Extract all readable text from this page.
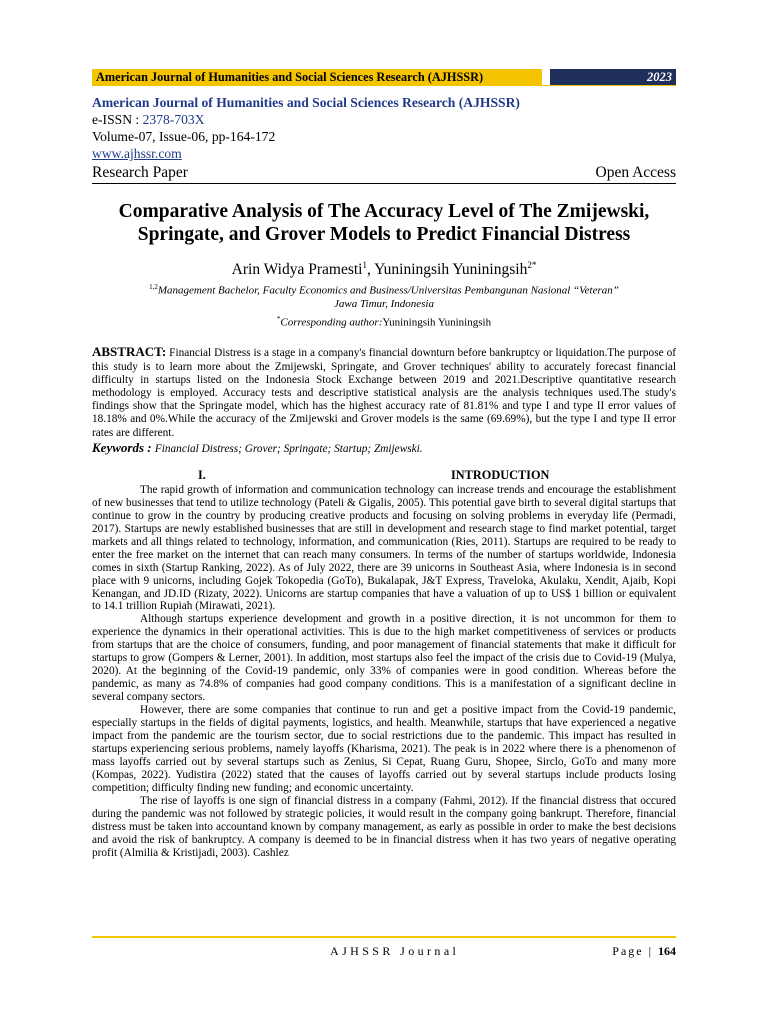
American Journal of Humanities and Social Sciences Research (AJHSSR)	2023
American Journal of Humanities and Social Sciences Research (AJHSSR)
e-ISSN : 2378-703X
Volume-07, Issue-06, pp-164-172
www.ajhssr.com
Research Paper	Open Access
Comparative Analysis of The Accuracy Level of The Zmijewski,
Springate, and Grover Models to Predict Financial Distress
Arin Widya Pramesti$^1$, Yuniningsih Yuniningsih$^{2*}$
$^{1,2}$Management Bachelor, Faculty Economics and Business/Universitas Pembangunan Nasional “Veteran”
Jawa Timur, Indonesia
*Corresponding author:Yuniningsih Yuniningsih
ABSTRACT: Financial Distress is a stage in a company's financial downturn before bankruptcy or liquidation.The purpose of this study is to learn more about the Zmijewski, Springate, and Grover techniques' ability to accurately forecast financial difficulty in startups listed on the Indonesia Stock Exchange between 2019 and 2021.Descriptive quantitative research methodology is employed. Accuracy tests and descriptive statistical analysis are the analysis techniques used.The study's findings show that the Springate model, which has the highest accuracy rate of 81.81% and type I and type II error values of 18.18% and 0%.While the accuracy of the Zmijewski and Grover models is the same (69.69%), but the type I and type II error rates are different.
Keywords : Financial Distress; Grover; Springate; Startup; Zmijewski.
I.	INTRODUCTION

The rapid growth of information and communication technology can increase trends and encourage the establishment of new businesses that tend to utilize technology (Pateli & Gigalis, 2005). This potential gave birth to several digital startups that continue to grow in the country by producing creative products and focusing on solving problems in everyday life (Permadi, 2017). Startups are newly established businesses that are still in development and research stage to find market potential, target markets and all things related to technology, information, and communication (Ries, 2011). Startups are required to be ready to enter the free market on the internet that can reach many consumers. In terms of the number of startups worldwide, Indonesia comes in sixth (Startup Ranking, 2022). As of July 2022, there are 39 unicorns in Southeast Asia, where Indonesia is in second place with 9 unicorns, including Gojek Tokopedia (GoTo), Bukalapak, J&T Express, Traveloka, Akulaku, Xendit, Ajaib, Kopi Kenangan, and JD.ID (Rizaty, 2022). Unicorns are startup companies that have a valuation of up to US$ 1 billion or equivalent to 14.1 trillion Rupiah (Mirawati, 2021).

Although startups experience development and growth in a positive direction, it is not uncommon for them to experience the dynamics in their operational activities. This is due to the high market competitiveness of services or products from startups that are the choice of consumers, funding, and poor management of financial statements that make it difficult for startups to grow (Gompers & Lerner, 2001). In addition, most startups also feel the impact of the crisis due to Covid-19 (Mulya, 2020). At the beginning of the Covid-19 pandemic, only 33% of companies were in good condition. Whereas before the pandemic, as many as 74.8% of companies had good company conditions. This is a manifestation of a significant decline in several company sectors.

However, there are some companies that continue to run and get a positive impact from the Covid-19 pandemic, especially startups in the fields of digital payments, logistics, and health. Meanwhile, startups that have experienced a negative impact from the pandemic are the tourism sector, due to social restrictions due to the pandemic. This impact has resulted in startups experiencing serious problems, namely layoffs (Kharisma, 2021). The peak is in 2022 where there is a phenomenon of mass layoffs carried out by several startups such as Zenius, Si Cepat, Ruang Guru, Shopee, Sirclo, GoTo and many more (Kompas, 2022). Yudistira (2022) stated that the causes of layoffs carried out by several startups include products losing competition; difficulty finding new funding; and economic uncertainty.

The rise of layoffs is one sign of financial distress in a company (Fahmi, 2012). If the financial distress that occured during the pandemic was not followed by strategic policies, it would result in the company going bankrupt. Therefore, financial distress must be taken into accountand known by company management, as early as possible in order to make the best decisions and avoid the risk of bankruptcy. A company is deemed to be in financial distress when it has two years of negative operating profit (Almilia & Kristijadi, 2003). Cashlez

AJHSSR Journal	Page | 164
